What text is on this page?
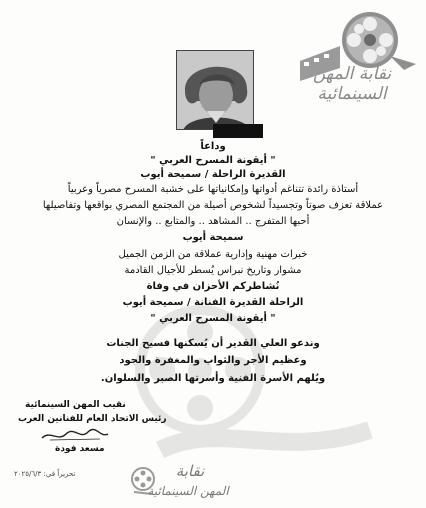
نقابة المهن السينمائية
وداعاً
" أيقونة المسرح العربي "
القديرة الراحلة / سميحة أيوب
أستاذة رائدة تتناغم أدواتها وإمكانياتها على خشبة المسرح مصرياً وعربياً
عملاقة تعزف صوتاً وتجسيداً لشخوص أصيلة من المجتمع المصري بواقعها وتفاصيلها
أحبها المتفرج .. المشاهد .. والمتابع .. والإنسان
سميحة أيوب
خبرات مهنية وإدارية عملاقة من الزمن الجميل
مشوار وتاريخ نبراس يُسطر للأجيال القادمة
نُشاطركم الأحزان في وفاة
الراحلة القديرة الفنانة / سميحة أيوب
" أيقونة المسرح العربي "
وندعو العلي القدير أن يُسكنها فسيح الجنات
وعظيم الأجر والثواب والمغفرة والجود
ويُلهم الأسرة الفنية وأسرتها الصبر والسلوان.
نقيب المهن السينمائية
رئيس الاتحاد العام للفنانين العرب
مسعد فودة
نقابة
المهن السينمائية
تحريراً في: ٢٠٢٥/٦/٣
